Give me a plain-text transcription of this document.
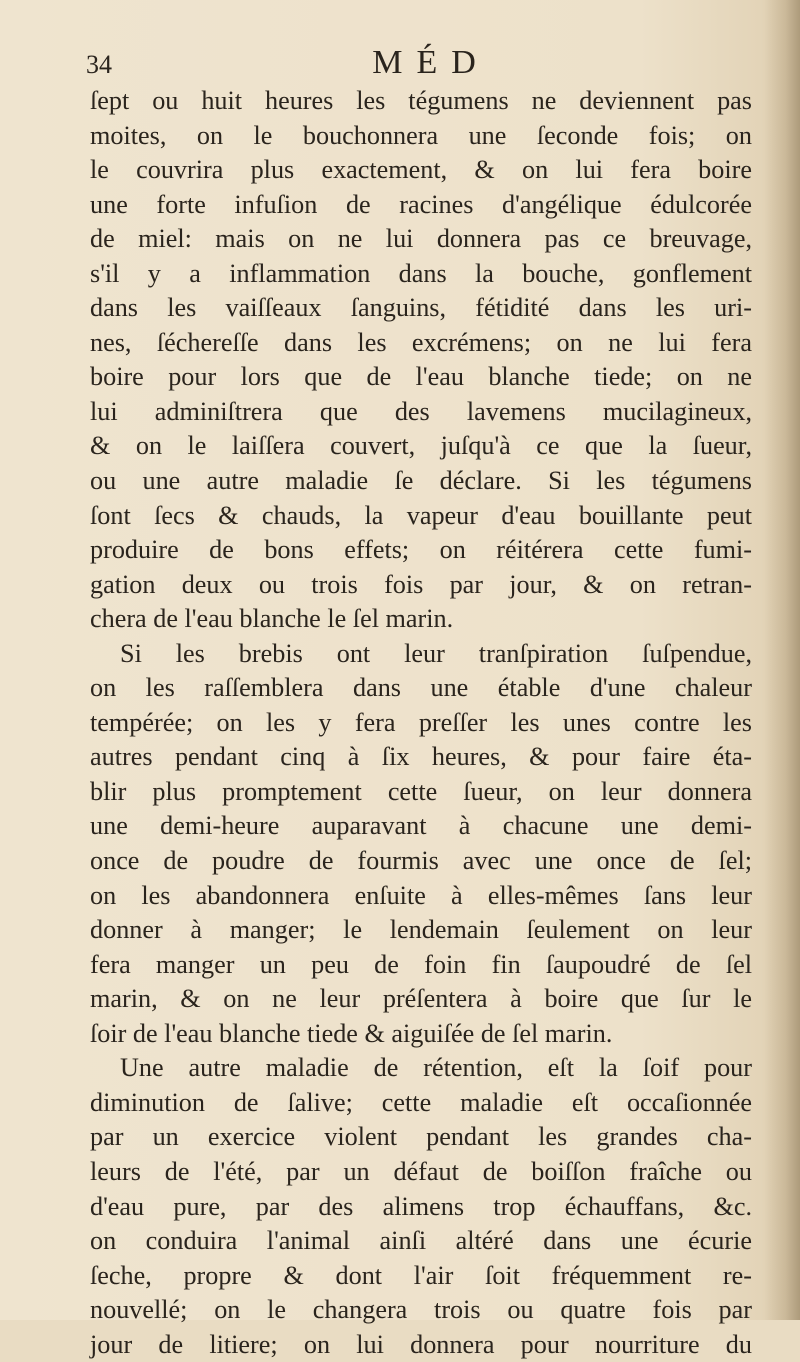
34	MÉD
ſept ou huit heures les tégumens ne deviennent pas
moites, on le bouchonnera une ſeconde fois; on
le couvrira plus exactement, & on lui fera boire
une forte infuſion de racines d'angélique édulcorée
de miel: mais on ne lui donnera pas ce breuvage,
s'il y a inflammation dans la bouche, gonflement
dans les vaiſſeaux ſanguins, fétidité dans les uri-
nes, ſéchereſſe dans les excrémens; on ne lui fera
boire pour lors que de l'eau blanche tiede; on ne
lui adminiſtrera que des lavemens mucilagineux,
& on le laiſſera couvert, juſqu'à ce que la ſueur,
ou une autre maladie ſe déclare. Si les tégumens
ſont ſecs & chauds, la vapeur d'eau bouillante peut
produire de bons effets; on réitérera cette fumi-
gation deux ou trois fois par jour, & on retran-
chera de l'eau blanche le ſel marin.
Si les brebis ont leur tranſpiration ſuſpendue,
on les raſſemblera dans une étable d'une chaleur
tempérée; on les y fera preſſer les unes contre les
autres pendant cinq à ſix heures, & pour faire éta-
blir plus promptement cette ſueur, on leur donnera
une demi-heure auparavant à chacune une demi-
once de poudre de fourmis avec une once de ſel;
on les abandonnera enſuite à elles-mêmes ſans leur
donner à manger; le lendemain ſeulement on leur
fera manger un peu de foin fin ſaupoudré de ſel
marin, & on ne leur préſentera à boire que ſur le
ſoir de l'eau blanche tiede & aiguiſée de ſel marin.
Une autre maladie de rétention, eſt la ſoif pour
diminution de ſalive; cette maladie eſt occaſionnée
par un exercice violent pendant les grandes cha-
leurs de l'été, par un défaut de boiſſon fraîche ou
d'eau pure, par des alimens trop échauffans, &c.
on conduira l'animal ainſi altéré dans une écurie
ſeche, propre & dont l'air ſoit fréquemment re-
nouvellé; on le changera trois ou quatre fois par
jour de litiere; on lui donnera pour nourriture du
